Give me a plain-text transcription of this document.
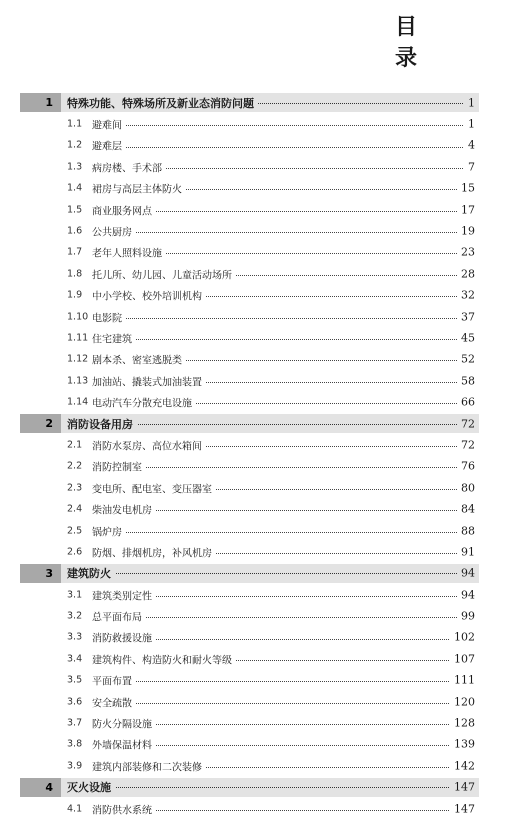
目 录
1	特殊功能、特殊场所及新业态消防问题	1
1.1 避难间	1
1.2 避难层	4
1.3 病房楼、手术部	7
1.4 裙房与高层主体防火	15
1.5 商业服务网点	17
1.6 公共厨房	19
1.7 老年人照料设施	23
1.8 托儿所、幼儿园、儿童活动场所	28
1.9 中小学校、校外培训机构	32
1.10 电影院	37
1.11 住宅建筑	45
1.12 剧本杀、密室逃脱类	52
1.13 加油站、撬装式加油装置	58
1.14 电动汽车分散充电设施	66
2	消防设备用房	72
2.1 消防水泵房、高位水箱间	72
2.2 消防控制室	76
2.3 变电所、配电室、变压器室	80
2.4 柴油发电机房	84
2.5 锅炉房	88
2.6 防烟、排烟机房，补风机房	91
3	建筑防火	94
3.1 建筑类别定性	94
3.2 总平面布局	99
3.3 消防救援设施	102
3.4 建筑构件、构造防火和耐火等级	107
3.5 平面布置	111
3.6 安全疏散	120
3.7 防火分隔设施	128
3.8 外墙保温材料	139
3.9 建筑内部装修和二次装修	142
4	灭火设施	147
4.1 消防供水系统	147
